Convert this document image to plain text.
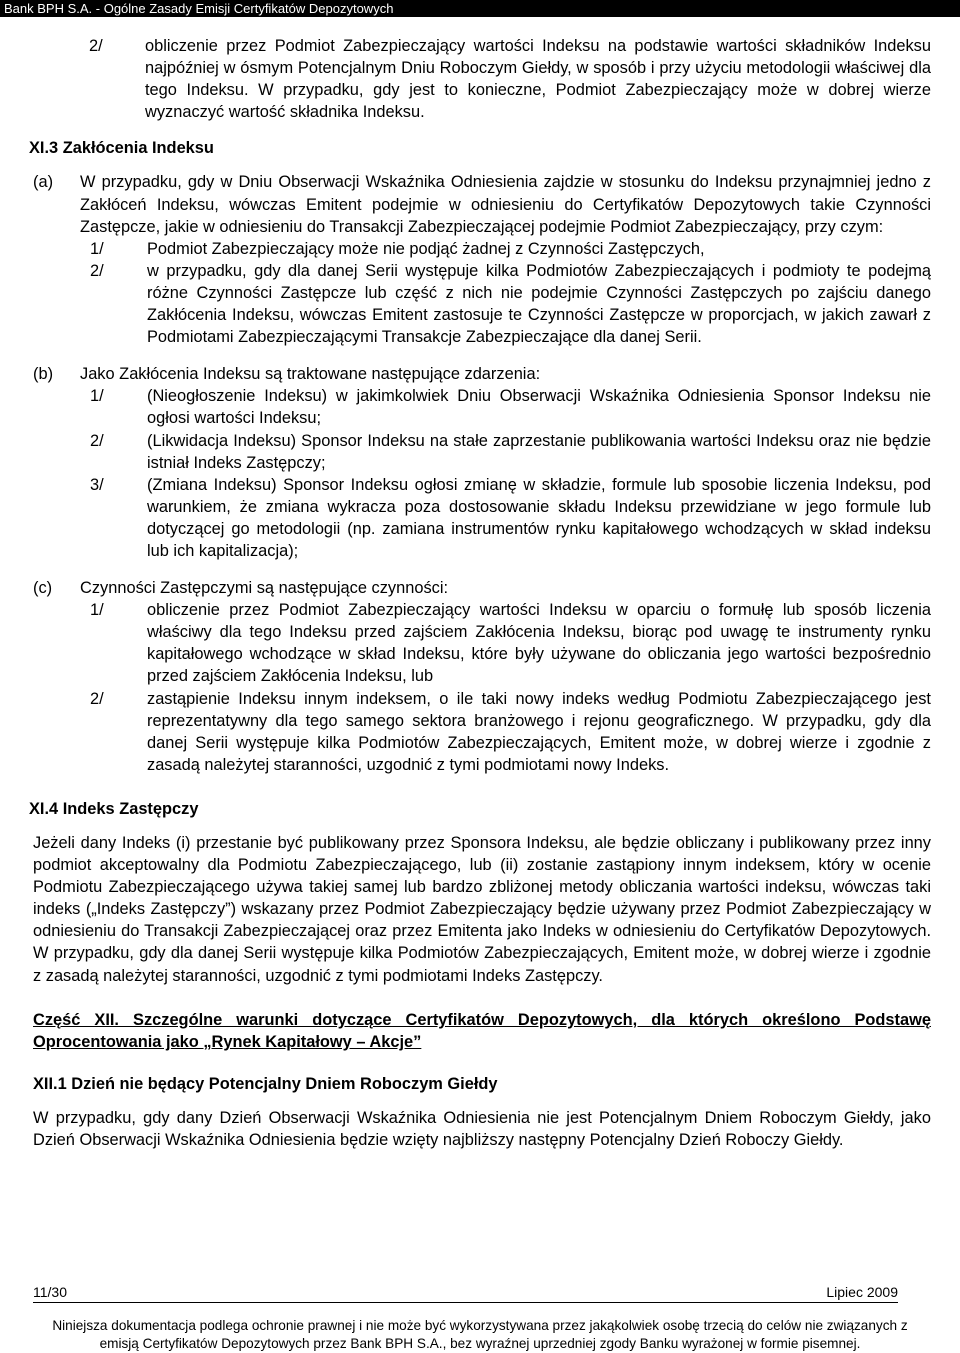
Bank BPH S.A. - Ogólne Zasady Emisji Certyfikatów Depozytowych
2/	obliczenie przez Podmiot Zabezpieczający wartości Indeksu na podstawie wartości składników Indeksu najpóźniej w ósmym Potencjalnym Dniu Roboczym Giełdy, w sposób i przy użyciu metodologii właściwej dla tego Indeksu. W przypadku, gdy jest to konieczne, Podmiot Zabezpieczający może w dobrej wierze wyznaczyć wartość składnika Indeksu.

XI.3 Zakłócenia Indeksu
(a) W przypadku, gdy w Dniu Obserwacji Wskaźnika Odniesienia zajdzie w stosunku do Indeksu przynajmniej jedno z Zakłóceń Indeksu, wówczas Emitent podejmie w odniesieniu do Certyfikatów Depozytowych takie Czynności Zastępcze, jakie w odniesieniu do Transakcji Zabezpieczającej podejmie Podmiot Zabezpieczający, przy czym:

1/	Podmiot Zabezpieczający może nie podjąć żadnej z Czynności Zastępczych,

2/	w przypadku, gdy dla danej Serii występuje kilka Podmiotów Zabezpieczających i podmioty te podejmą różne Czynności Zastępcze lub część z nich nie podejmie Czynności Zastępczych po zajściu danego Zakłócenia Indeksu, wówczas Emitent zastosuje te Czynności Zastępcze w proporcjach, w jakich zawarł z Podmiotami Zabezpieczającymi Transakcje Zabezpieczające dla danej Serii.

(b) Jako Zakłócenia Indeksu są traktowane następujące zdarzenia:

1/	(Nieogłoszenie Indeksu) w jakimkolwiek Dniu Obserwacji Wskaźnika Odniesienia Sponsor Indeksu nie ogłosi wartości Indeksu;

2/	(Likwidacja Indeksu) Sponsor Indeksu na stałe zaprzestanie publikowania wartości Indeksu oraz nie będzie istniał Indeks Zastępczy;

3/	(Zmiana Indeksu) Sponsor Indeksu ogłosi zmianę w składzie, formule lub sposobie liczenia Indeksu, pod warunkiem, że zmiana wykracza poza dostosowanie składu Indeksu przewidziane w jego formule lub dotyczącej go metodologii (np. zamiana instrumentów rynku kapitałowego wchodzących w skład indeksu lub ich kapitalizacja);

(c) Czynności Zastępczymi są następujące czynności:

1/	obliczenie przez Podmiot Zabezpieczający wartości Indeksu w oparciu o formułę lub sposób liczenia właściwy dla tego Indeksu przed zajściem Zakłócenia Indeksu, biorąc pod uwagę te instrumenty rynku kapitałowego wchodzące w skład Indeksu, które były używane do obliczania jego wartości bezpośrednio przed zajściem Zakłócenia Indeksu, lub

2/	zastąpienie Indeksu innym indeksem, o ile taki nowy indeks według Podmiotu Zabezpieczającego jest reprezentatywny dla tego samego sektora branżowego i rejonu geograficznego. W przypadku, gdy dla danej Serii występuje kilka Podmiotów Zabezpieczających, Emitent może, w dobrej wierze i zgodnie z zasadą należytej staranności, uzgodnić z tymi podmiotami nowy Indeks.

XI.4 Indeks Zastępczy

Jeżeli dany Indeks (i) przestanie być publikowany przez Sponsora Indeksu, ale będzie obliczany i publikowany przez inny podmiot akceptowalny dla Podmiotu Zabezpieczającego, lub (ii) zostanie zastąpiony innym indeksem, który w ocenie Podmiotu Zabezpieczającego używa takiej samej lub bardzo zbliżonej metody obliczania wartości indeksu, wówczas taki indeks („Indeks Zastępczy”) wskazany przez Podmiot Zabezpieczający będzie używany przez Podmiot Zabezpieczający w odniesieniu do Transakcji Zabezpieczającej oraz przez Emitenta jako Indeks w odniesieniu do Certyfikatów Depozytowych. W przypadku, gdy dla danej Serii występuje kilka Podmiotów Zabezpieczających, Emitent może, w dobrej wierze i zgodnie z zasadą należytej staranności, uzgodnić z tymi podmiotami Indeks Zastępczy.

Część XII. Szczególne warunki dotyczące Certyfikatów Depozytowych, dla których określono Podstawę Oprocentowania jako „Rynek Kapitałowy – Akcje”

XII.1 Dzień nie będący Potencjalny Dniem Roboczym Giełdy

W przypadku, gdy dany Dzień Obserwacji Wskaźnika Odniesienia nie jest Potencjalnym Dniem Roboczym Giełdy, jako Dzień Obserwacji Wskaźnika Odniesienia będzie wzięty najbliższy następny Potencjalny Dzień Roboczy Giełdy.

11/30	Lipiec 2009
Niniejsza dokumentacja podlega ochronie prawnej i nie może być wykorzystywana przez jakąkolwiek osobę trzecią do celów nie związanych z
emisją Certyfikatów Depozytowych przez Bank BPH S.A., bez wyraźnej uprzedniej zgody Banku wyrażonej w formie pisemnej.
